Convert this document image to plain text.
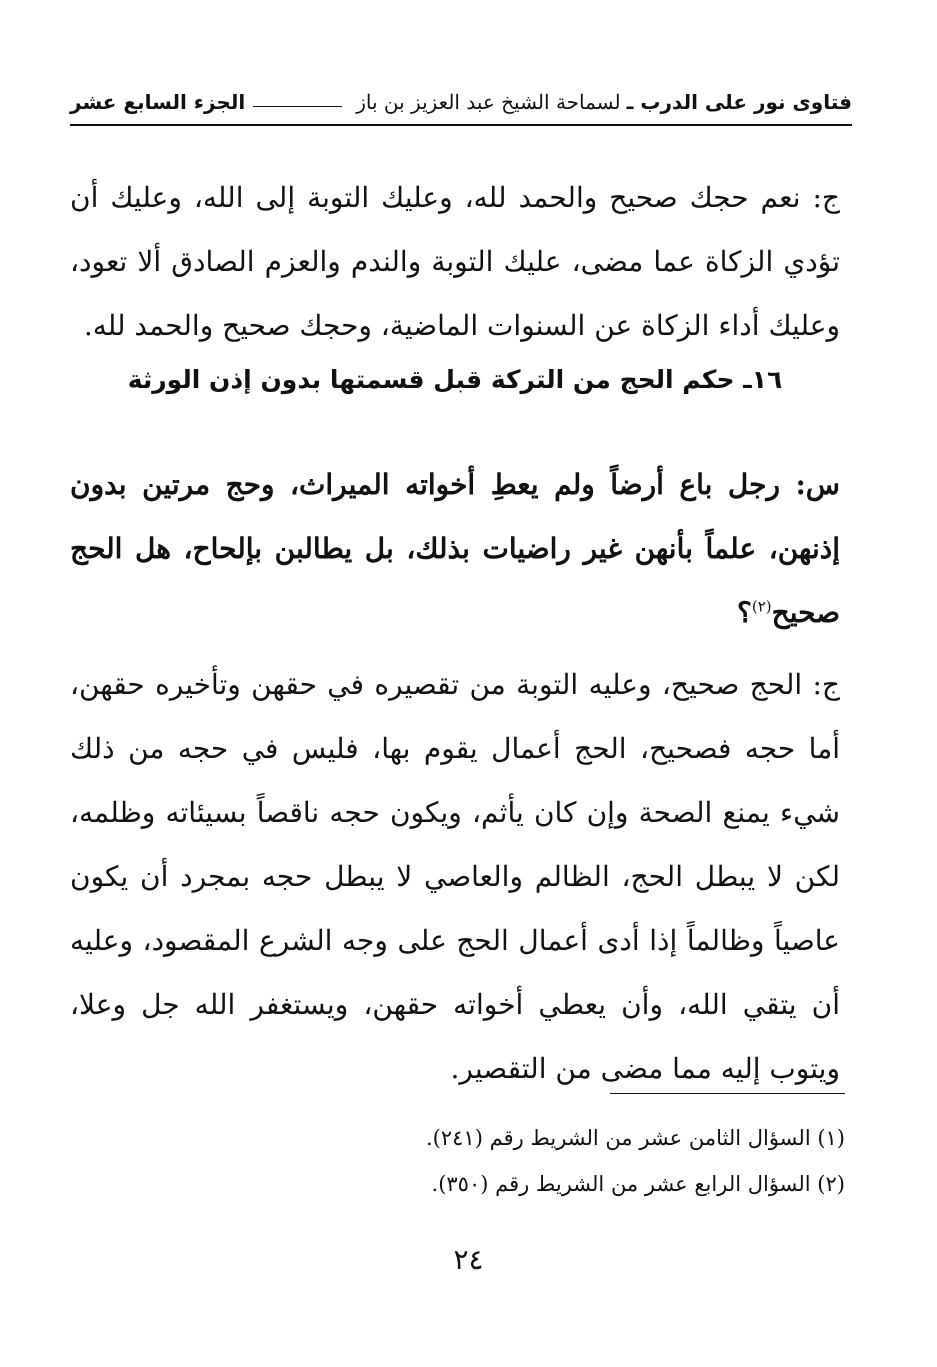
فتاوى نور على الدرب ـ
لسماحة الشيخ عبد العزيز بن باز
الجزء السابع عشر

ج: نعم حجك صحيح والحمد لله، وعليك التوبة إلى الله، وعليك أن تؤدي الزكاة عما مضى، عليك التوبة والندم والعزم الصادق ألا تعود، وعليك أداء الزكاة عن السنوات الماضية، وحجك صحيح والحمد لله.

١٦ـ حكم الحج من التركة قبل قسمتها بدون إذن الورثة

س: رجل باع أرضاً ولم يعطِ أخواته الميراث، وحج مرتين بدون إذنهن، علماً بأنهن غير راضيات بذلك، بل يطالبن بإلحاح، هل الحج صحيح$^{(٢)}$؟

ج: الحج صحيح، وعليه التوبة من تقصيره في حقهن وتأخيره حقهن، أما حجه فصحيح، الحج أعمال يقوم بها، فليس في حجه من ذلك شيء يمنع الصحة وإن كان يأثم، ويكون حجه ناقصاً بسيئاته وظلمه، لكن لا يبطل الحج، الظالم والعاصي لا يبطل حجه بمجرد أن يكون عاصياً وظالماً إذا أدى أعمال الحج على وجه الشرع المقصود، وعليه أن يتقي الله، وأن يعطي أخواته حقهن، ويستغفر الله جل وعلا، ويتوب إليه مما مضى من التقصير.

(١) السؤال الثامن عشر من الشريط رقم (٢٤١).
(٢) السؤال الرابع عشر من الشريط رقم (٣٥٠).
٢٤
